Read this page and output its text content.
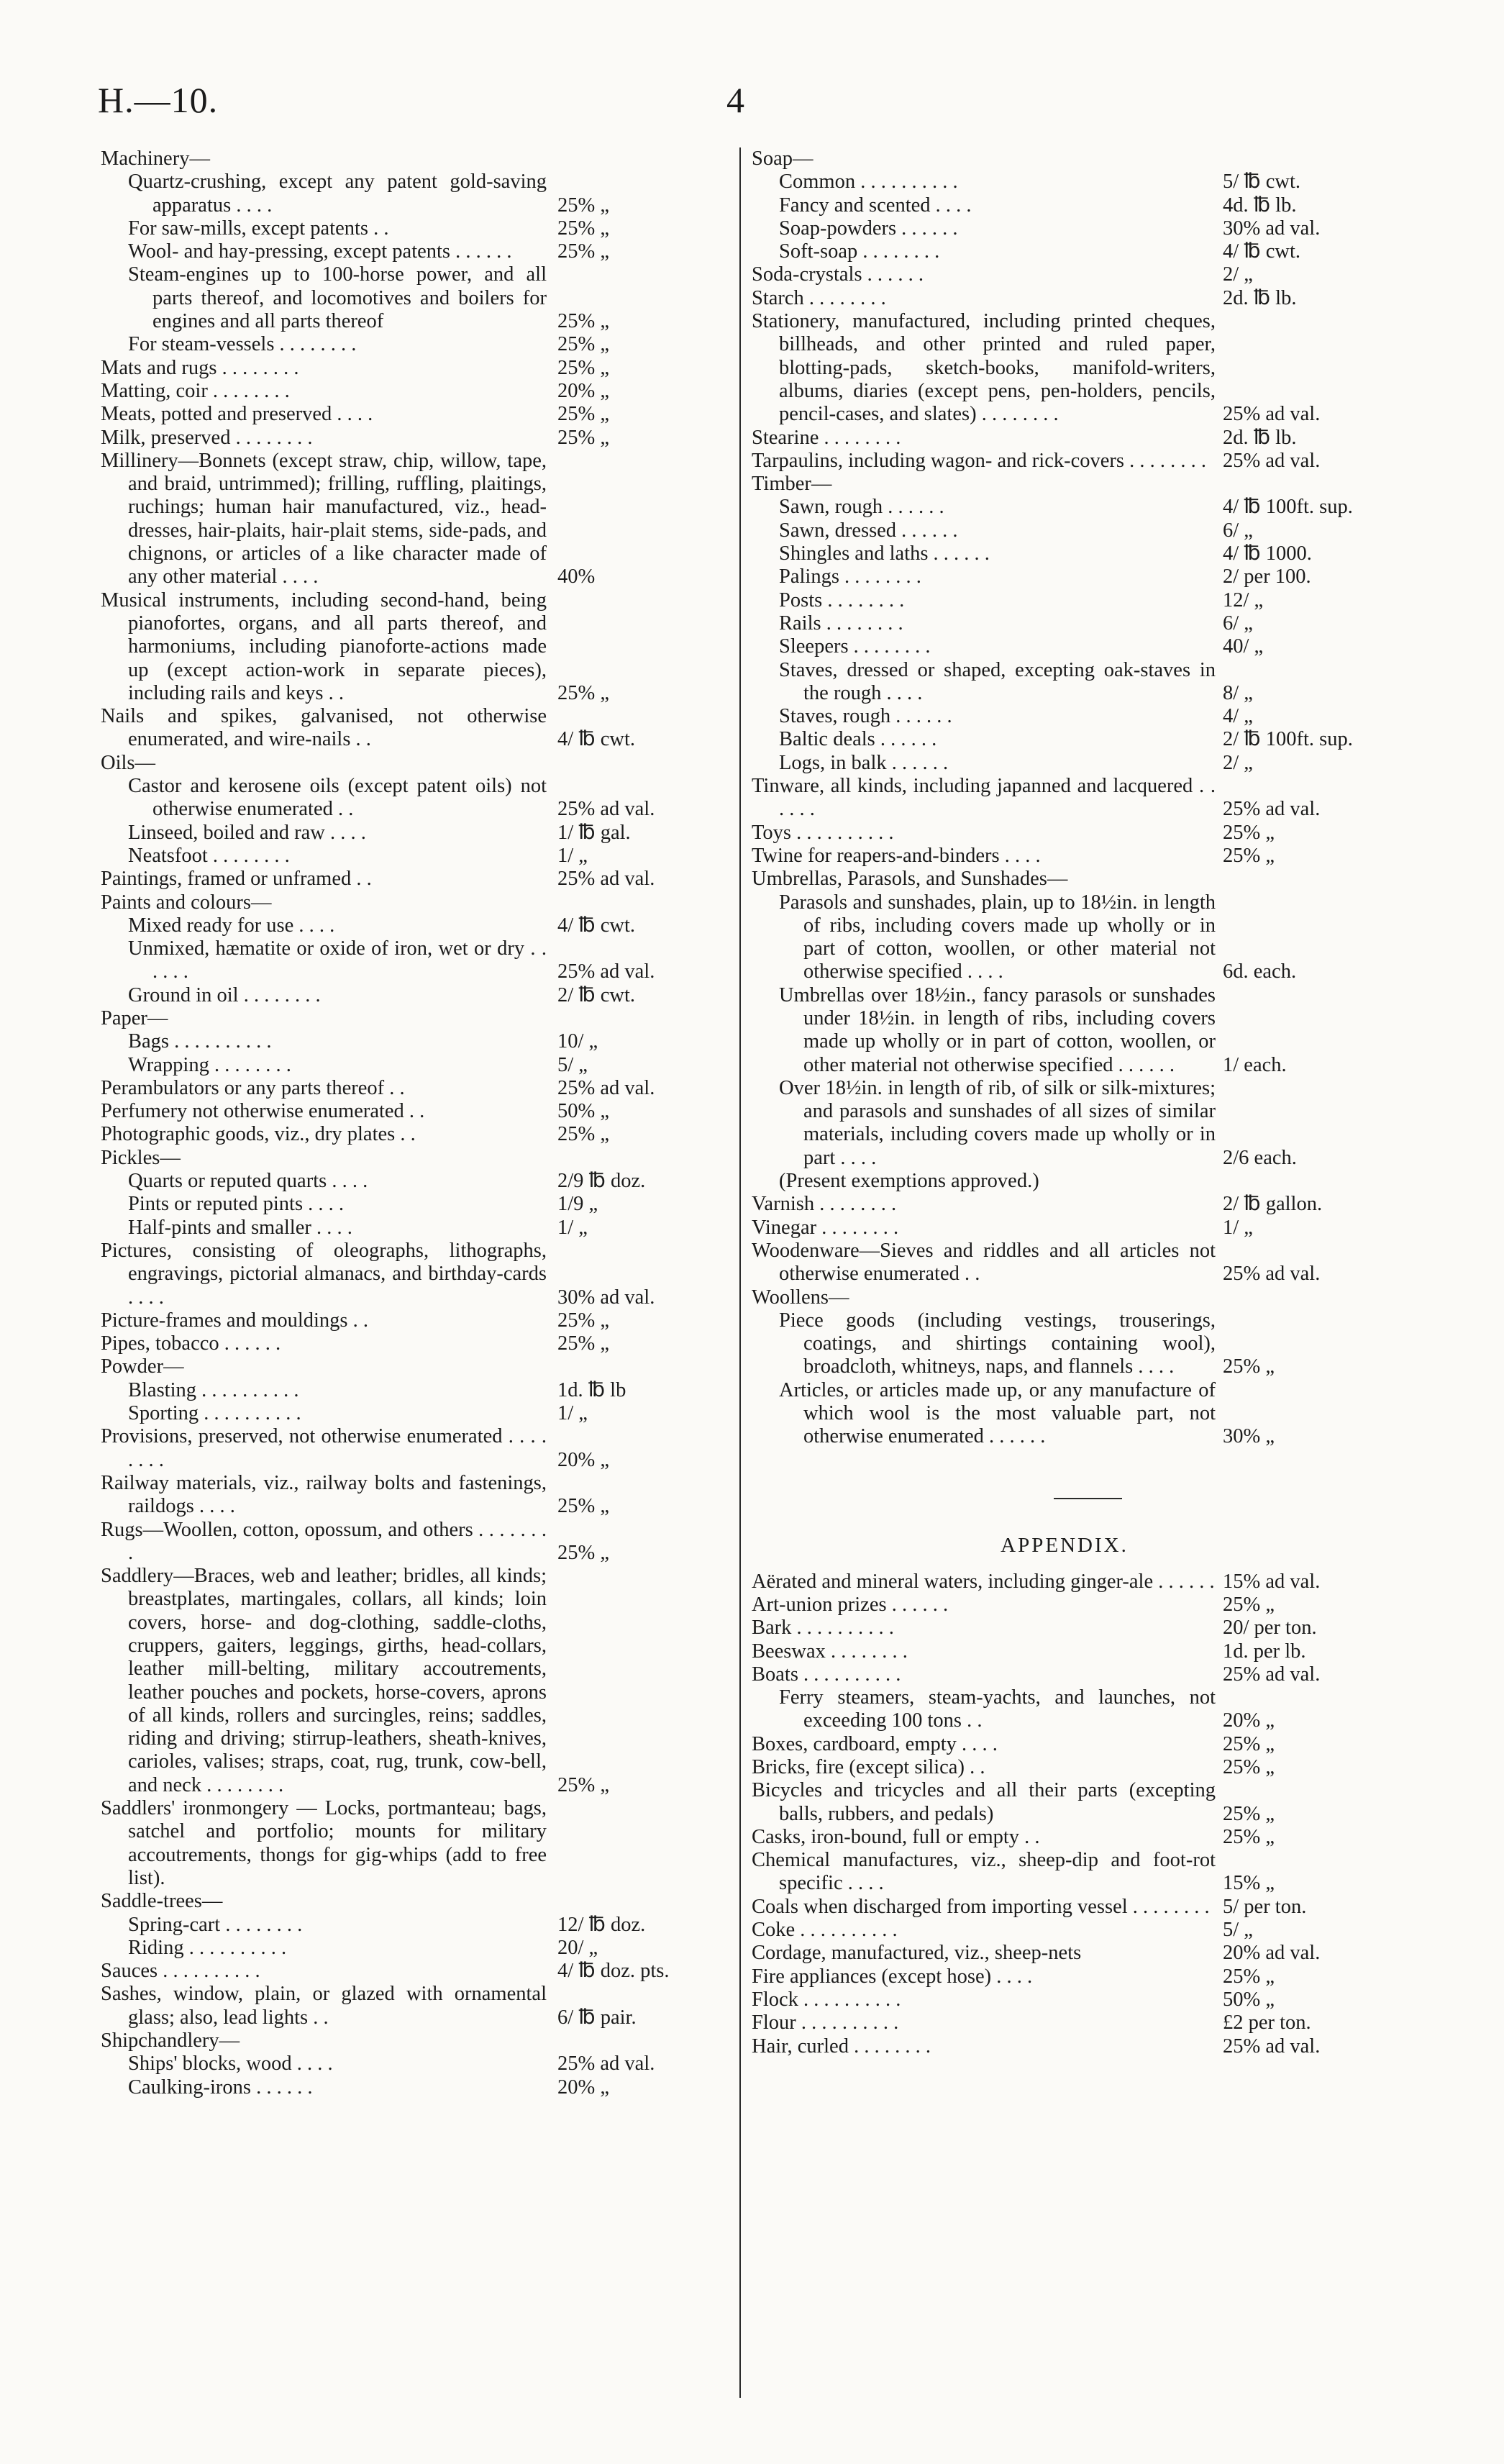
H.—10.	4
Machinery—
Quartz-crushing, except any patent gold-saving apparatus . . . .	25% „
For saw-mills, except patents . .	25% „
Wool- and hay-pressing, except patents . . . . . .	25% „
Steam-engines up to 100-horse power, and all parts thereof, and locomotives and boilers for engines and all parts thereof	25% „
For steam-vessels . . . . . . . .	25% „
Mats and rugs . . . . . . . .	25% „
Matting, coir . . . . . . . .	20% „
Meats, potted and preserved . . . .	25% „
Milk, preserved . . . . . . . .	25% „
Millinery—Bonnets (except straw, chip, willow, tape, and braid, untrimmed); frilling, ruffling, plaitings, ruchings; human hair manufactured, viz., head-dresses, hair-plaits, hair-plait stems, side-pads, and chignons, or articles of a like character made of any other material . . . .	40%
Musical instruments, including second-hand, being pianofortes, organs, and all parts thereof, and harmoniums, including pianoforte-actions made up (except action-work in separate pieces), including rails and keys . .	25% „
Nails and spikes, galvanised, not otherwise enumerated, and wire-nails . .	4/ ℔ cwt.
Oils—
Castor and kerosene oils (except patent oils) not otherwise enumerated . .	25% ad val.
Linseed, boiled and raw . . . .	1/ ℔ gal.
Neatsfoot . . . . . . . .	1/ „
Paintings, framed or unframed . .	25% ad val.
Paints and colours—
Mixed ready for use . . . .	4/ ℔ cwt.
Unmixed, hæmatite or oxide of iron, wet or dry . . . . . .	25% ad val.
Ground in oil . . . . . . . .	2/ ℔ cwt.
Paper—
Bags . . . . . . . . . .	10/ „
Wrapping . . . . . . . .	5/ „
Perambulators or any parts thereof . .	25% ad val.
Perfumery not otherwise enumerated . .	50% „
Photographic goods, viz., dry plates . .	25% „
Pickles—
Quarts or reputed quarts . . . .	2/9 ℔ doz.
Pints or reputed pints . . . .	1/9 „
Half-pints and smaller . . . .	1/ „
Pictures, consisting of oleographs, lithographs, engravings, pictorial almanacs, and birthday-cards . . . .	30% ad val.
Picture-frames and mouldings . .	25% „
Pipes, tobacco . . . . . .	25% „
Powder—
Blasting . . . . . . . . . .	1d. ℔ lb
Sporting . . . . . . . . . .	1/ „
Provisions, preserved, not otherwise enumerated . . . . . . . .	20% „
Railway materials, viz., railway bolts and fastenings, raildogs . . . .	25% „
Rugs—Woollen, cotton, opossum, and others . . . . . . . .	25% „
Saddlery—Braces, web and leather; bridles, all kinds; breastplates, martingales, collars, all kinds; loin covers, horse- and dog-clothing, saddle-cloths, cruppers, gaiters, leggings, girths, head-collars, leather mill-belting, military accoutrements, leather pouches and pockets, horse-covers, aprons of all kinds, rollers and surcingles, reins; saddles, riding and driving; stirrup-leathers, sheath-knives, carioles, valises; straps, coat, rug, trunk, cow-bell, and neck . . . . . . . .	25% „
Saddlers' ironmongery — Locks, portmanteau; bags, satchel and portfolio; mounts for military accoutrements, thongs for gig-whips (add to free list).
Saddle-trees—
Spring-cart . . . . . . . .	12/ ℔ doz.
Riding . . . . . . . . . .	20/ „
Sauces . . . . . . . . . .	4/ ℔ doz. pts.
Sashes, window, plain, or glazed with ornamental glass; also, lead lights . .	6/ ℔ pair.
Shipchandlery—
Ships' blocks, wood . . . .	25% ad val.
Caulking-irons . . . . . .	20% „
Soap—
Common . . . . . . . . . .	5/ ℔ cwt.
Fancy and scented . . . .	4d. ℔ lb.
Soap-powders . . . . . .	30% ad val.
Soft-soap . . . . . . . .	4/ ℔ cwt.
Soda-crystals . . . . . .	2/ „
Starch . . . . . . . .	2d. ℔ lb.
Stationery, manufactured, including printed cheques, billheads, and other printed and ruled paper, blotting-pads, sketch-books, manifold-writers, albums, diaries (except pens, pen-holders, pencils, pencil-cases, and slates) . . . . . . . .	25% ad val.
Stearine . . . . . . . .	2d. ℔ lb.
Tarpaulins, including wagon- and rick-covers . . . . . . . . 25% ad val.
Timber—
Sawn, rough . . . . . .	4/ ℔ 100ft. sup.
Sawn, dressed . . . . . .	6/ „
Shingles and laths . . . . . .	4/ ℔ 1000.
Palings . . . . . . . .	2/ per 100.
Posts . . . . . . . .	12/ „
Rails . . . . . . . .	6/ „
Sleepers . . . . . . . .	40/ „
Staves, dressed or shaped, excepting oak-staves in the rough . . . .	8/ „
Staves, rough . . . . . .	4/ „
Baltic deals . . . . . .	2/ ℔ 100ft. sup.
Logs, in balk . . . . . .	2/ „
Tinware, all kinds, including japanned and lacquered . . . . . .	25% ad val.
Toys . . . . . . . . . .	25% „
Twine for reapers-and-binders . . . .	25% „
Umbrellas, Parasols, and Sunshades—
Parasols and sunshades, plain, up to 18½in. in length of ribs, including covers made up wholly or in part of cotton, woollen, or other material not otherwise specified . . . .	6d. each.
Umbrellas over 18½in., fancy parasols or sunshades under 18½in. in length of ribs, including covers made up wholly or in part of cotton, woollen, or other material not otherwise specified . . . . . .	1/ each.
Over 18½in. in length of rib, of silk or silk-mixtures; and parasols and sunshades of all sizes of similar materials, including covers made up wholly or in part . . . .	2/6 each.
(Present exemptions approved.)
Varnish . . . . . . . .	2/ ℔ gallon.
Vinegar . . . . . . . .	1/ „
Woodenware—Sieves and riddles and all articles not otherwise enumerated . .	25% ad val.
Woollens—
Piece goods (including vestings, trouserings, coatings, and shirtings containing wool), broadcloth, whitneys, naps, and flannels . . . .	25% „
Articles, or articles made up, or any manufacture of which wool is the most valuable part, not otherwise enumerated . . . . . .	30% „
APPENDIX.
Aërated and mineral waters, including ginger-ale . . . . . . 15% ad val.
Art-union prizes . . . . . .	25% „
Bark . . . . . . . . . .	20/ per ton.
Beeswax . . . . . . . .	1d. per lb.
Boats . . . . . . . . . .	25% ad val.
Ferry steamers, steam-yachts, and launches, not exceeding 100 tons . .	20% „
Boxes, cardboard, empty . . . .	25% „
Bricks, fire (except silica) . .	25% „
Bicycles and tricycles and all their parts (excepting balls, rubbers, and pedals)	25% „
Casks, iron-bound, full or empty . .	25% „
Chemical manufactures, viz., sheep-dip and foot-rot specific . . . .	15% „
Coals when discharged from importing vessel . . . . . . . . 5/ per ton.
Coke . . . . . . . . . .	5/ „
Cordage, manufactured, viz., sheep-nets	20% ad val.
Fire appliances (except hose) . . . .	25% „
Flock . . . . . . . . . .	50% „
Flour . . . . . . . . . .	£2 per ton.
Hair, curled . . . . . . . .	25% ad val.
